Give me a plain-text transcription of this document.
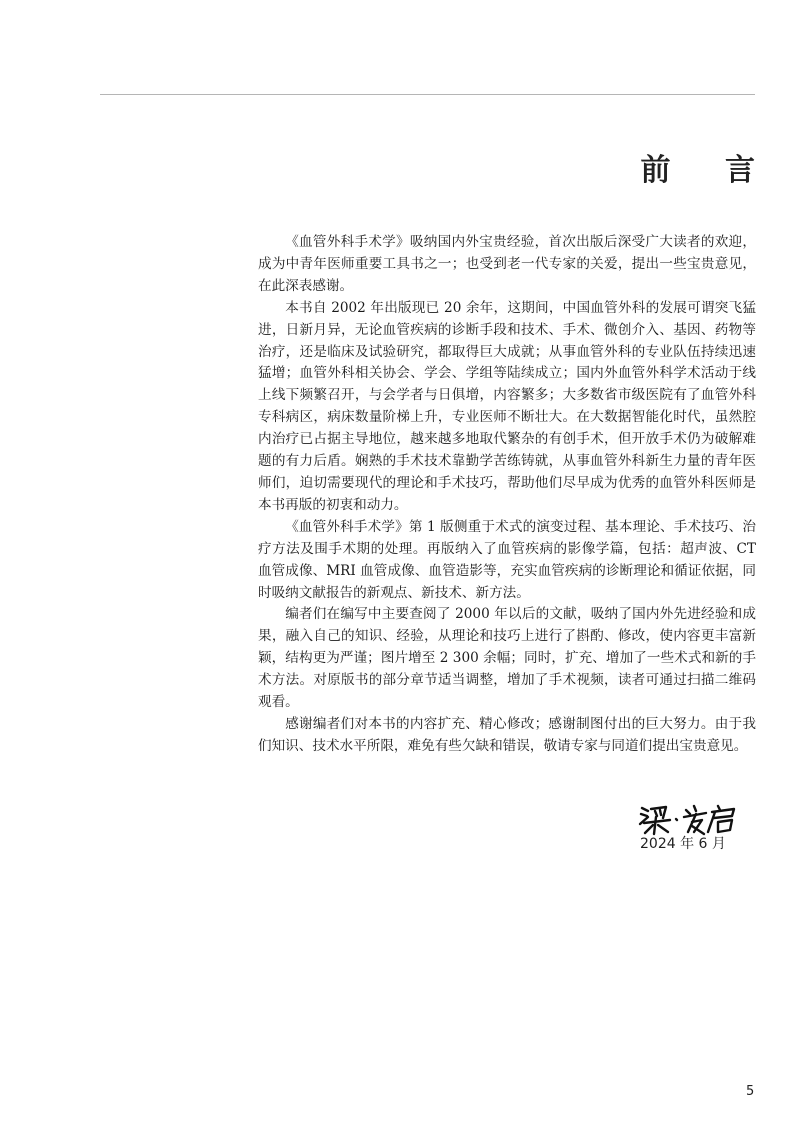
前 言

《血管外科手术学》吸纳国内外宝贵经验，首次出版后深受广大读者的欢迎，成为中青年医师重要工具书之一；也受到老一代专家的关爱，提出一些宝贵意见，在此深表感谢。

本书自 2002 年出版现已 20 余年，这期间，中国血管外科的发展可谓突飞猛进，日新月异，无论血管疾病的诊断手段和技术、手术、微创介入、基因、药物等治疗，还是临床及试验研究，都取得巨大成就；从事血管外科的专业队伍持续迅速猛增；血管外科相关协会、学会、学组等陆续成立；国内外血管外科学术活动于线上线下频繁召开，与会学者与日俱增，内容繁多；大多数省市级医院有了血管外科专科病区，病床数量阶梯上升，专业医师不断壮大。在大数据智能化时代，虽然腔内治疗已占据主导地位，越来越多地取代繁杂的有创手术，但开放手术仍为破解难题的有力后盾。娴熟的手术技术靠勤学苦练铸就，从事血管外科新生力量的青年医师们，迫切需要现代的理论和手术技巧，帮助他们尽早成为优秀的血管外科医师是本书再版的初衷和动力。

《血管外科手术学》第 1 版侧重于术式的演变过程、基本理论、手术技巧、治疗方法及围手术期的处理。再版纳入了血管疾病的影像学篇，包括：超声波、CT 血管成像、MRI 血管成像、血管造影等，充实血管疾病的诊断理论和循证依据，同时吸纳文献报告的新观点、新技术、新方法。

编者们在编写中主要查阅了 2000 年以后的文献，吸纳了国内外先进经验和成果，融入自己的知识、经验，从理论和技巧上进行了斟酌、修改，使内容更丰富新颖，结构更为严谨；图片增至 2 300 余幅；同时，扩充、增加了一些术式和新的手术方法。对原版书的部分章节适当调整，增加了手术视频，读者可通过扫描二维码观看。

感谢编者们对本书的内容扩充、精心修改；感谢制图付出的巨大努力。由于我们知识、技术水平所限，难免有些欠缺和错误，敬请专家与同道们提出宝贵意见。

2024 年 6 月
5
